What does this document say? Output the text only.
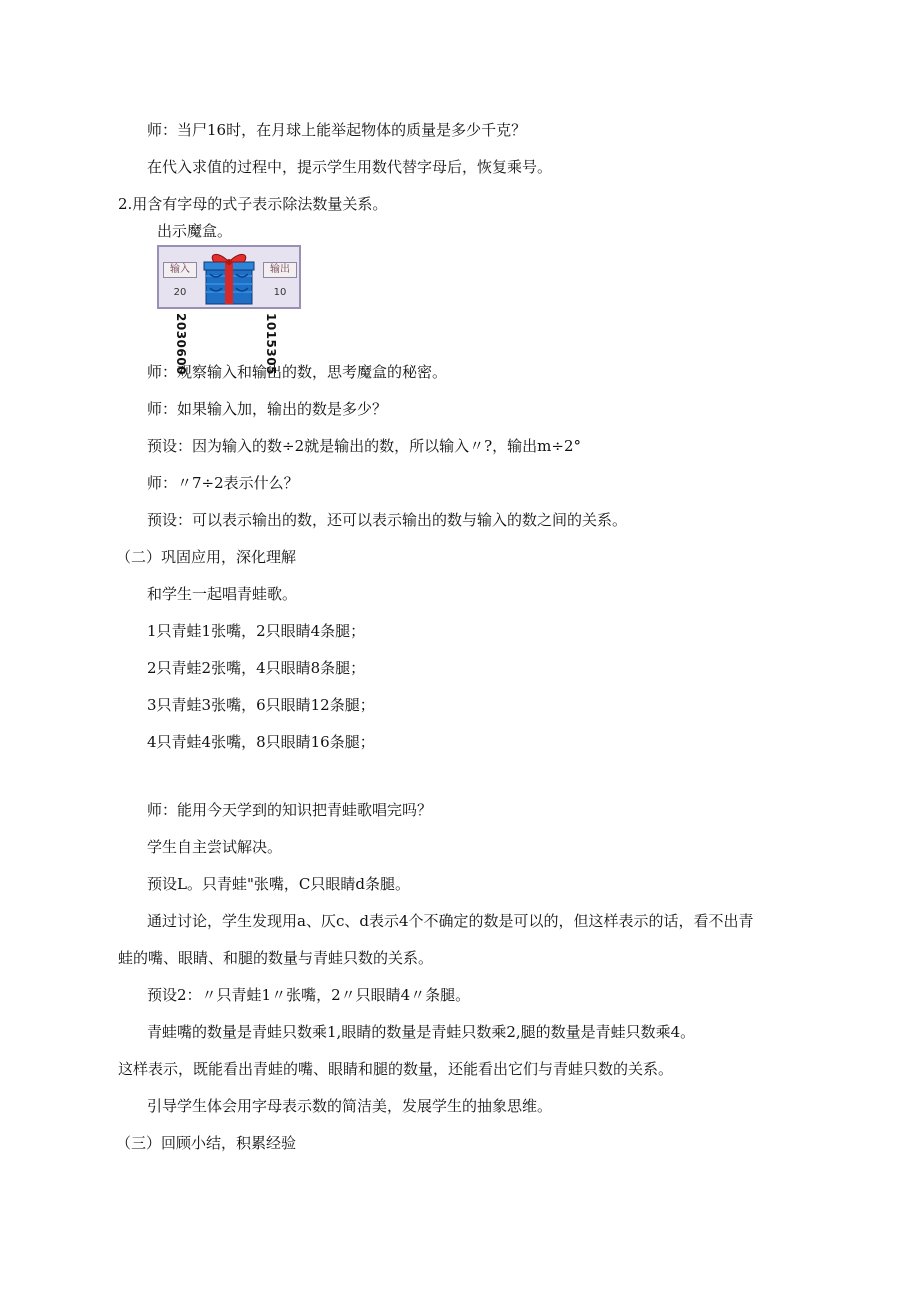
师：当尸16时，在月球上能举起物体的质量是多少千克？
在代入求值的过程中，提示学生用数代替字母后，恢复乘号。
2.用含有字母的式子表示除法数量关系。
出示魔盒。
输入
20
输出
10
2030600	1015305
师：观察输入和输出的数，思考魔盒的秘密。
师：如果输入加，输出的数是多少？
预设：因为输入的数÷2就是输出的数，所以输入〃?，输出m÷2°
师：〃7÷2表示什么？
预设：可以表示输出的数，还可以表示输出的数与输入的数之间的关系。
（二）巩固应用，深化理解
和学生一起唱青蛙歌。
1只青蛙1张嘴，2只眼睛4条腿；
2只青蛙2张嘴，4只眼睛8条腿；
3只青蛙3张嘴，6只眼睛12条腿；
4只青蛙4张嘴，8只眼睛16条腿；
师：能用今天学到的知识把青蛙歌唱完吗？
学生自主尝试解决。
预设L。只青蛙"张嘴，C只眼睛d条腿。
通过讨论，学生发现用a、仄c、d表示4个不确定的数是可以的，但这样表示的话，看不出青
蛙的嘴、眼睛、和腿的数量与青蛙只数的关系。
预设2：〃只青蛙1〃张嘴，2〃只眼睛4〃条腿。
青蛙嘴的数量是青蛙只数乘1,眼睛的数量是青蛙只数乘2,腿的数量是青蛙只数乘4。
这样表示，既能看出青蛙的嘴、眼睛和腿的数量，还能看出它们与青蛙只数的关系。
引导学生体会用字母表示数的简洁美，发展学生的抽象思维。
（三）回顾小结，积累经验
